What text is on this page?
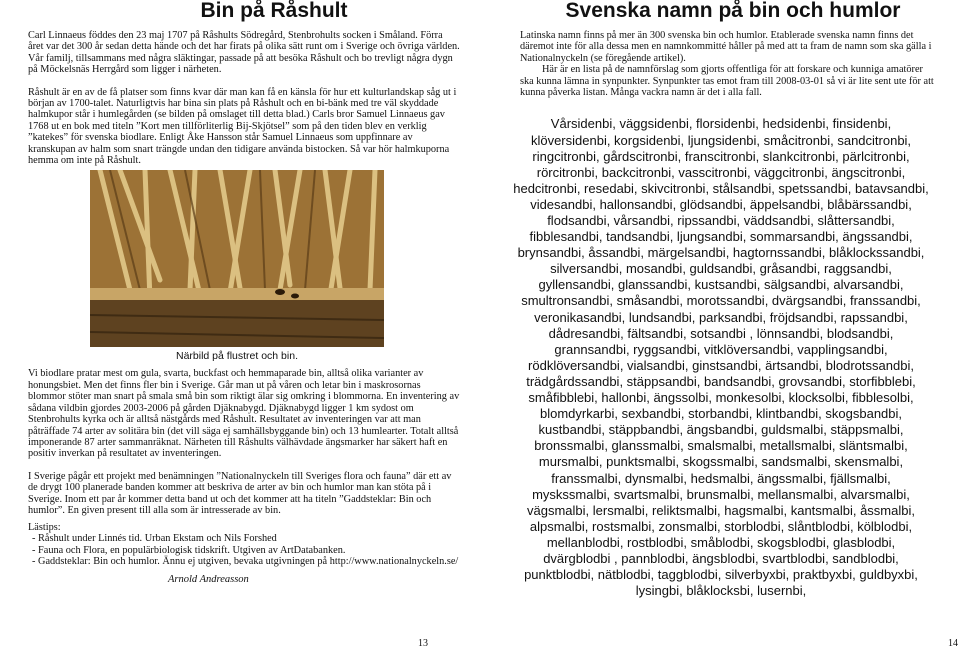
Bin på Råshult

Carl Linnaeus föddes den 23 maj 1707 på Råshults Södregård, Stenbrohults socken i Småland. Förra året var det 300 år sedan detta hände och det har firats på olika sätt runt om i Sverige och övriga världen. Vår familj, tillsammans med några släktingar, passade på att besöka Råshult och bo trevligt några dygn på Möckelsnäs Herrgård som ligger i närheten.

Råshult är en av de få platser som finns kvar där man kan få en känsla för hur ett kulturlandskap såg ut i början av 1700-talet. Naturligtvis har bina sin plats på Råshult och en bi-bänk med tre väl skyddade halmkupor står i humlegården (se bilden på omslaget till detta blad.) Carls bror Samuel Linnaeus gav 1768 ut en bok med titeln ”Kort men tillförliterlig Bij-Skjötsel” som på den tiden blev en verklig ”katekes” för svenska biodlare. Enligt Åke Hansson står Samuel Linnaeus som uppfinnare av kranskupan av halm som snart trängde undan den tidigare använda bistocken. Så var hör halmkuporna hemma om inte på Råshult.

Närbild på flustret och bin.

Vi biodlare pratar mest om gula, svarta, buckfast och hemmaparade bin, alltså olika varianter av honungsbiet. Men det finns fler bin i Sverige. Går man ut på våren och letar bin i maskrosornas blommor stöter man snart på smala små bin som riktigt älar sig omkring i blommorna. En inventering av sådana vildbin gjordes 2003-2006 på gården Djäknabygd. Djäknabygd ligger 1 km sydost om Stenbrohults kyrka och är alltså nästgårds med Råshult. Resultatet av inventeringen var att man påträffade 74 arter av solitära bin (det vill säga ej samhällsbyggande bin) och 13 humlearter. Totalt alltså imponerande 87 arter sammanräknat. Närheten till Råshults välhävdade ängsmarker har säkert haft en positiv inverkan på resultatet av inventeringen.

I Sverige pågår ett projekt med benämningen ”Nationalnyckeln till Sveriges flora och fauna” där ett av de drygt 100 planerade banden kommer att beskriva de arter av bin och humlor man kan stöta på i Sverige. Inom ett par år kommer detta band ut och det kommer att ha titeln ”Gaddsteklar: Bin och humlor”. En given present till alla som är intresserade av bin.

Lästips:
- Råshult under Linnés tid. Urban Ekstam och Nils Forshed
- Fauna och Flora, en populärbiologisk tidskrift. Utgiven av ArtDatabanken.
- Gaddsteklar: Bin och humlor. Ännu ej utgiven, bevaka utgivningen på http://www.nationalnyckeln.se/
Arnold Andreasson
13
Svenska namn på bin och humlor

Latinska namn finns på mer än 300 svenska bin och humlor. Etablerade svenska namn finns det däremot inte för alla dessa men en namnkommitté håller på med att ta fram de namn som ska gälla i Nationalnyckeln (se föregående artikel).

Här är en lista på de namnförslag som gjorts offentliga för att forskare och kunniga amatörer ska kunna lämna in synpunkter. Synpunkter tas emot fram till 2008-03-01 så vi är lite sent ute för att kunna påverka listan. Många vackra namn är det i alla fall.

Vårsidenbi, väggsidenbi, florsidenbi, hedsidenbi, finsidenbi, klöversidenbi, korgsidenbi, ljungsidenbi, småcitronbi, sandcitronbi, ringcitronbi, gårdscitronbi, franscitronbi, slankcitronbi, pärlcitronbi, rörcitronbi, backcitronbi, vasscitronbi, väggcitronbi, ängscitronbi, hedcitronbi, resedabi, skivcitronbi, stålsandbi, spetssandbi, batavsandbi, videsandbi, hallonsandbi, glödsandbi, äppelsandbi, blåbärssandbi, flodsandbi, vårsandbi, ripssandbi, väddsandbi, slåttersandbi, fibblesandbi, tandsandbi, ljungsandbi, sommarsandbi, ängssandbi, brynsandbi, åssandbi, märgelsandbi, hagtornssandbi, blåklockssandbi, silversandbi, mosandbi, guldsandbi, gråsandbi, raggsandbi, gyllensandbi, glanssandbi, kustsandbi, sälgsandbi, alvarsandbi, smultronsandbi, småsandbi, morotssandbi, dvärgsandbi, franssandbi, veronikasandbi, lundsandbi, parksandbi, fröjdsandbi, rapssandbi, dådresandbi, fältsandbi, sotsandbi , lönnsandbi, blodsandbi, grannsandbi, ryggsandbi, vitklöversandbi, vapplingsandbi, rödklöversandbi, vialsandbi, ginstsandbi, ärtsandbi, blodrotssandbi, trädgårdssandbi, stäppsandbi, bandsandbi, grovsandbi, storfibblebi, småfibblebi, hallonbi, ängssolbi, monkesolbi, klocksolbi, fibblesolbi, blomdyrkarbi, sexbandbi, storbandbi, klintbandbi, skogsbandbi, kustbandbi, stäppbandbi, ängsbandbi, guldsmalbi, stäppsmalbi, bronssmalbi, glanssmalbi, smalsmalbi, metallsmalbi, släntsmalbi, mursmalbi, punktsmalbi, skogssmalbi, sandsmalbi, skensmalbi, franssmalbi, dynsmalbi, hedsmalbi, ängssmalbi, fjällsmalbi, myskssmalbi, svartsmalbi, brunsmalbi, mellansmalbi, alvarsmalbi, vägsmalbi, lersmalbi, reliktsmalbi, hagsmalbi, kantsmalbi, åssmalbi, alpsmalbi, rostsmalbi, zonsmalbi, storblodbi, slåntblodbi, kölblodbi, mellanblodbi, rostblodbi, småblodbi, skogsblodbi, glasblodbi, dvärgblodbi , pannblodbi, ängsblodbi, svartblodbi, sandblodbi, punktblodbi, nätblodbi, taggblodbi, silverbyxbi, praktbyxbi, guldbyxbi, lysingbi, blåklocksbi, lusernbi,
14
